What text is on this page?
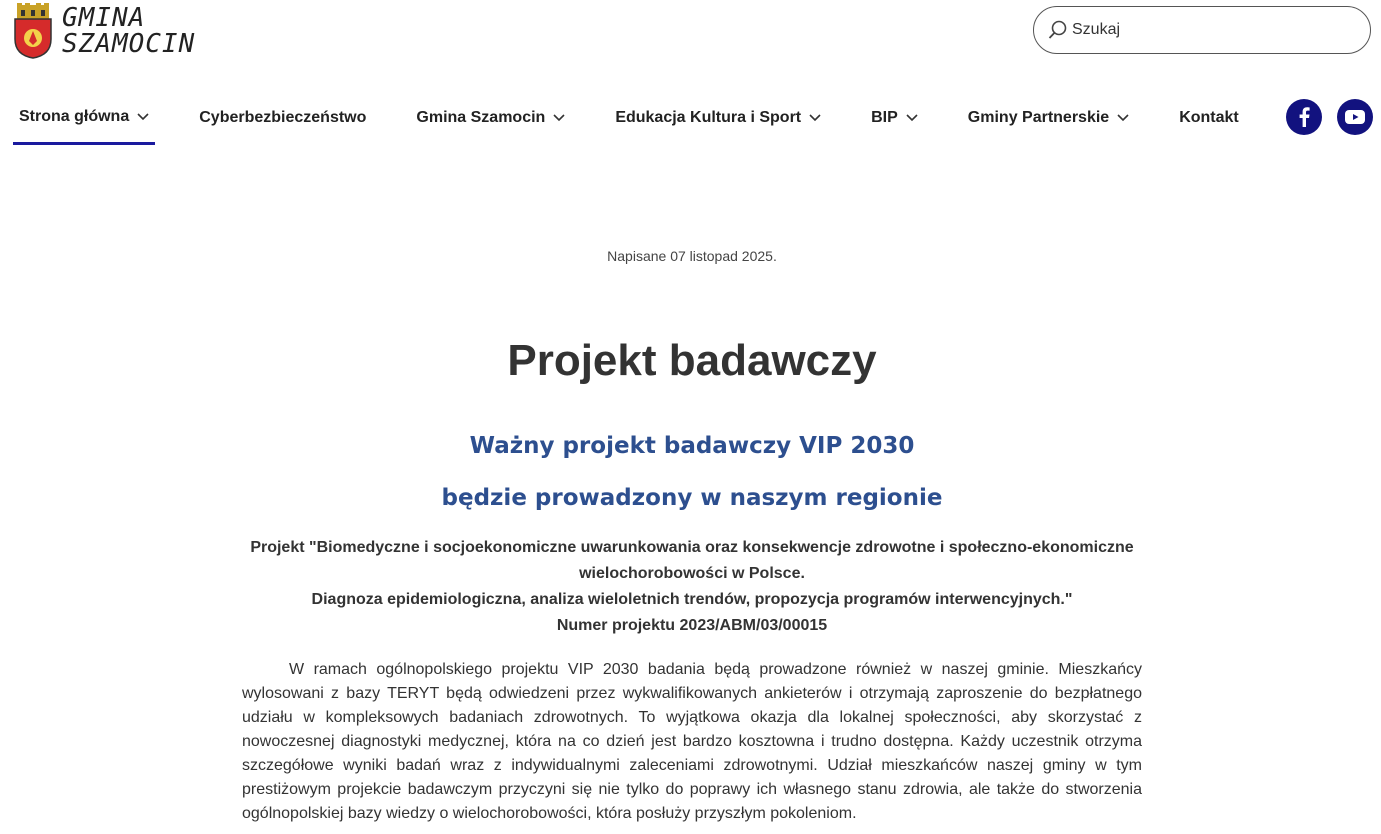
GMINA
SZAMOCIN
Szukaj
Strona główna	Cyberbezbieczeństwo	Gmina Szamocin	Edukacja Kultura i Sport	BIP	Gminy Partnerskie	Kontakt
Napisane 07 listopad 2025.
Projekt badawczy
Ważny projekt badawczy VIP 2030
będzie prowadzony w naszym regionie
Projekt "Biomedyczne i socjoekonomiczne uwarunkowania oraz konsekwencje zdrowotne i społeczno-ekonomiczne wielochorobowości w Polsce.
Diagnoza epidemiologiczna, analiza wieloletnich trendów, propozycja programów interwencyjnych."
Numer projektu 2023/ABM/03/00015

W ramach ogólnopolskiego projektu VIP 2030 badania będą prowadzone również w naszej gminie. Mieszkańcy wylosowani z bazy TERYT będą odwiedzeni przez wykwalifikowanych ankieterów i otrzymają zaproszenie do bezpłatnego udziału w kompleksowych badaniach zdrowotnych. To wyjątkowa okazja dla lokalnej społeczności, aby skorzystać z nowoczesnej diagnostyki medycznej, która na co dzień jest bardzo kosztowna i trudno dostępna. Każdy uczestnik otrzyma szczegółowe wyniki badań wraz z indywidualnymi zaleceniami zdrowotnymi. Udział mieszkańców naszej gminy w tym prestiżowym projekcie badawczym przyczyni się nie tylko do poprawy ich własnego stanu zdrowia, ale także do stworzenia ogólnopolskiej bazy wiedzy o wielochorobowości, która posłuży przyszłym pokoleniom.
